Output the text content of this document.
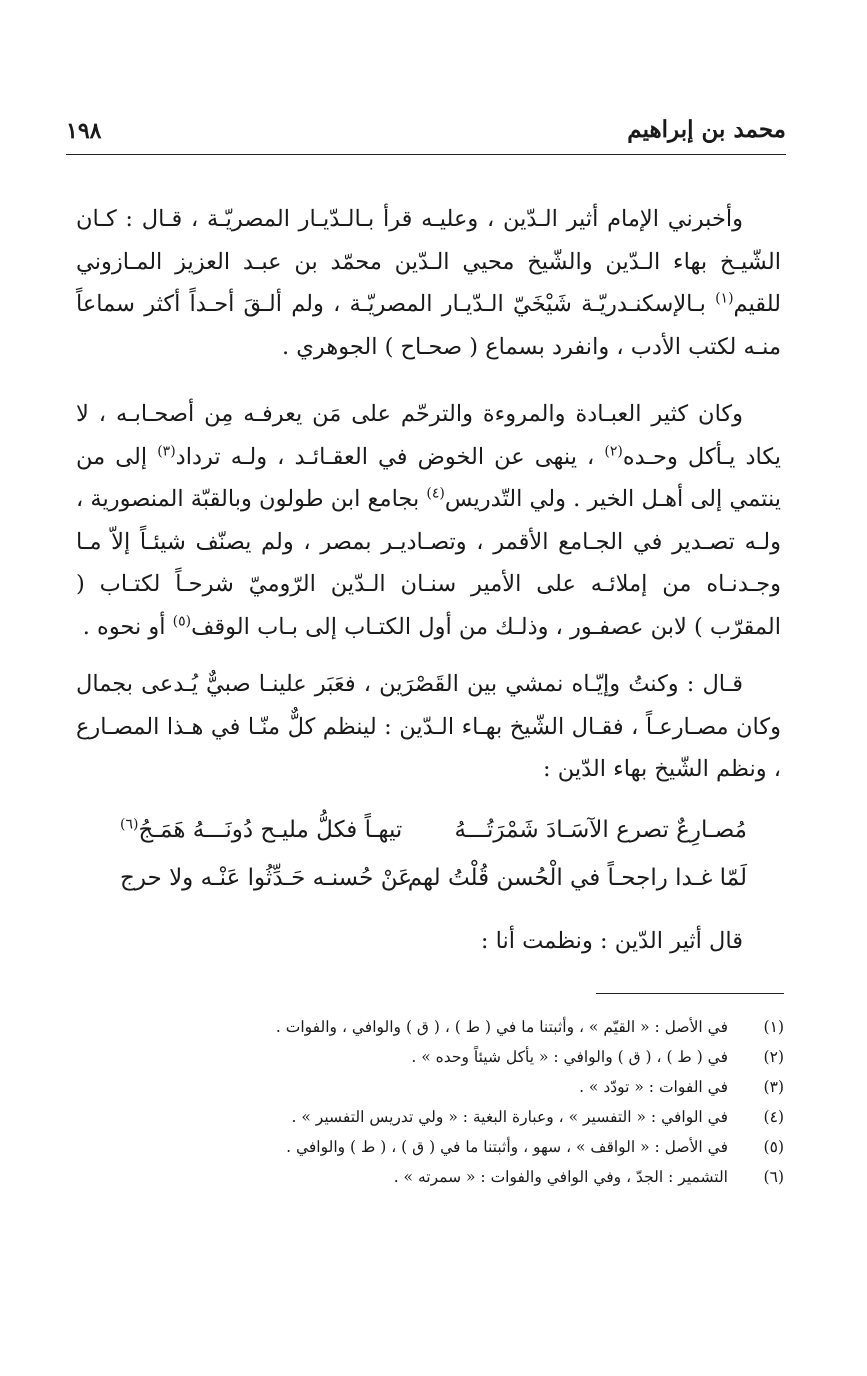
محمد بن إبراهيم
١٩٨
وأخبرني الإمام أثير الـدّين ، وعليـه قرأ بـالـدّيـار المصريّـة ، قـال : كـان الشّيـخ بهاء الـدّين والشّيخ محيي الـدّين محمّد بن عبـد العزيز المـازوني للقيم$^{(١)}$ بـالإسكنـدريّـة شَيْخَيّ الـدّيـار المصريّـة ، ولم ألـقَ أحـداً أكثر سماعاً منـه لكتب الأدب ، وانفرد بسماع ( صحـاح ) الجوهري .
وكان كثير العبـادة والمروءة والترحّم على مَن يعرفـه مِن أصحـابـه ، لا يكاد يـأكل وحـده$^{(٢)}$ ، ينهى عن الخوض في العقـائـد ، ولـه ترداد$^{(٣)}$ إلى من ينتمي إلى أهـل الخير . ولي التّدريس$^{(٤)}$ بجامع ابن طولون وبالقبّة المنصورية ، ولـه تصـدير في الجـامع الأقمر ، وتصـاديـر بمصر ، ولم يصنّف شيئـاً إلاّ مـا وجـدنـاه من إملائـه على الأمير سنـان الـدّين الرّوميّ شرحـاً لكتـاب ( المقرّب ) لابن عصفـور ، وذلـك من أول الكتـاب إلى بـاب الوقف$^{(٥)}$ أو نحوه .
قـال : وكنتُ وإيّـاه نمشي بين القَصْرَين ، فعَبَر علينـا صبيٌّ يُـدعى بجمال وكان مصـارعـاً ، فقـال الشّيخ بهـاء الـدّين : لينظم كلٌّ منّـا في هـذا المصـارع ، ونظم الشّيخ بهاء الدّين :
مُصـارِعٌ تصرع الآسَـادَ شَمْرَتُـــهُ
تيهـاً فكلُّ مليـح دُونَـــهُ هَمَـجُ$^{(٦)}$
لَمّا غـدا راجحـاً في الْحُسن قُلْتُ لهم
عَنْ حُسنـه حَـدِّثُوا عَنْـه ولا حرج
قال أثير الدّين : ونظمت أنا :
(١)
في الأصل : « القيّم » ، وأثبتنا ما في ( ط ) ، ( ق ) والوافي ، والفوات .
(٢)
في ( ط ) ، ( ق ) والوافي : « يأكل شيئاً وحده » .
(٣)
في الفوات : « تودّد » .
(٤)
في الوافي : « التفسير » ، وعبارة البغية : « ولي تدريس التفسير » .
(٥)
في الأصل : « الواقف » ، سهو ، وأثبتنا ما في ( ق ) ، ( ط ) والوافي .
(٦)
التشمير : الجدّ ، وفي الوافي والفوات : « سمرته » .
